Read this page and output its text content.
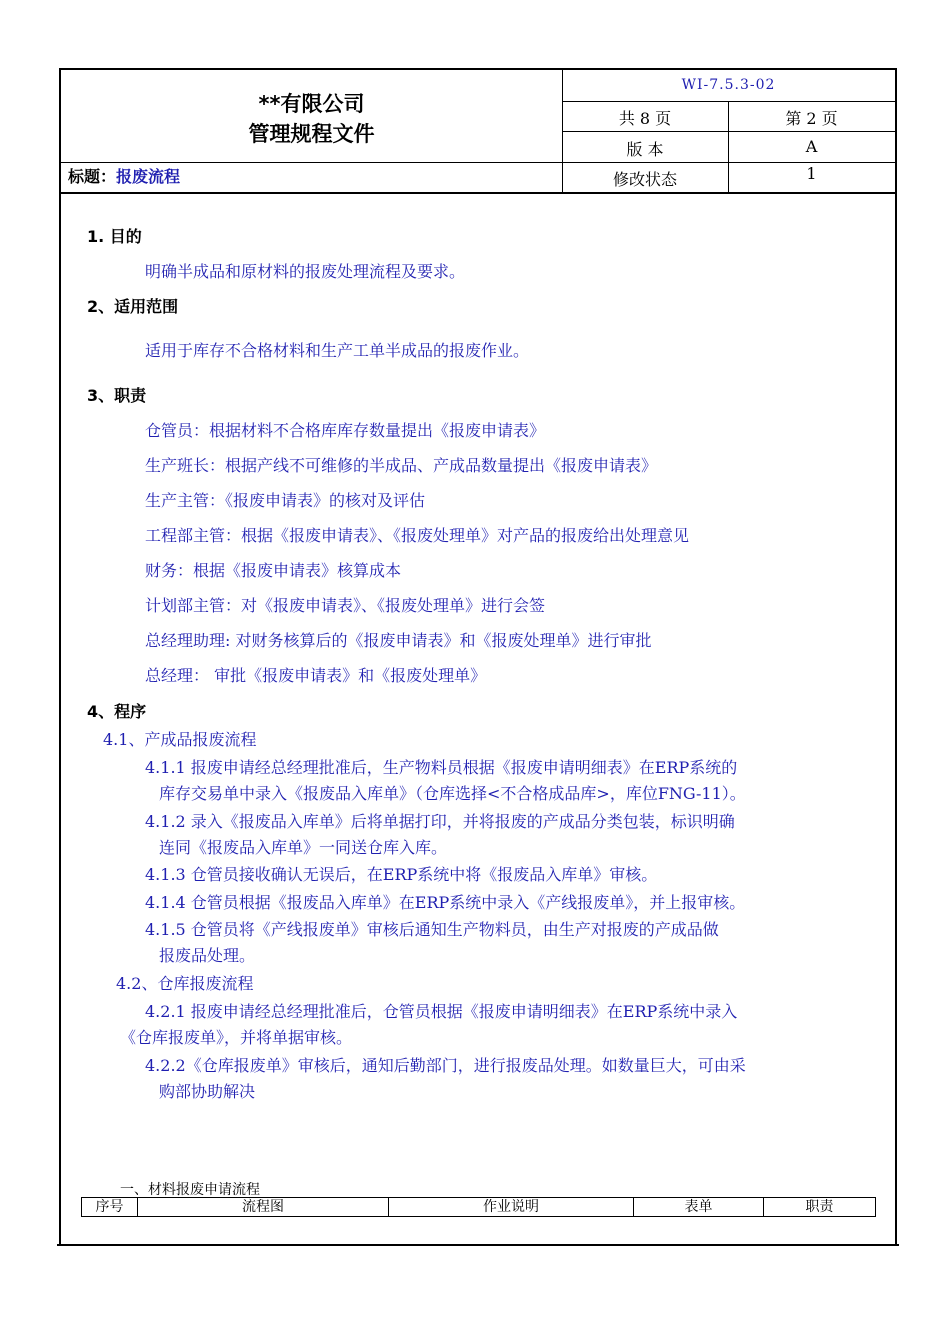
**有限公司
管理规程文件
标题：报废流程
WI-7.5.3-02
共 8 页	第 2 页
版 本	A
修改状态	1
1. 目的
明确半成品和原材料的报废处理流程及要求。
2、适用范围
适用于库存不合格材料和生产工单半成品的报废作业。
3、职责
仓管员：根据材料不合格库库存数量提出《报废申请表》
生产班长：根据产线不可维修的半成品、产成品数量提出《报废申请表》
生产主管：《报废申请表》的核对及评估
工程部主管：根据《报废申请表》、《报废处理单》对产品的报废给出处理意见
财务：根据《报废申请表》核算成本
计划部主管：对《报废申请表》、《报废处理单》进行会签
总经理助理: 对财务核算后的《报废申请表》和《报废处理单》进行审批
总经理： 审批《报废申请表》和《报废处理单》
4、程序
4.1、产成品报废流程
4.1.1 报废申请经总经理批准后，生产物料员根据《报废申请明细表》在ERP系统的
库存交易单中录入《报废品入库单》（仓库选择<不合格成品库>，库位FNG-11）。
4.1.2 录入《报废品入库单》后将单据打印，并将报废的产成品分类包装，标识明确
连同《报废品入库单》一同送仓库入库。
4.1.3 仓管员接收确认无误后，在ERP系统中将《报废品入库单》审核。
4.1.4 仓管员根据《报废品入库单》在ERP系统中录入《产线报废单》，并上报审核。
4.1.5 仓管员将《产线报废单》审核后通知生产物料员，由生产对报废的产成品做
报废品处理。
4.2、仓库报废流程
4.2.1 报废申请经总经理批准后，仓管员根据《报废申请明细表》在ERP系统中录入
《仓库报废单》，并将单据审核。
4.2.2《仓库报废单》审核后，通知后勤部门，进行报废品处理。如数量巨大，可由采
购部协助解决
一、材料报废申请流程
序号	流程图	作业说明	表单	职责
